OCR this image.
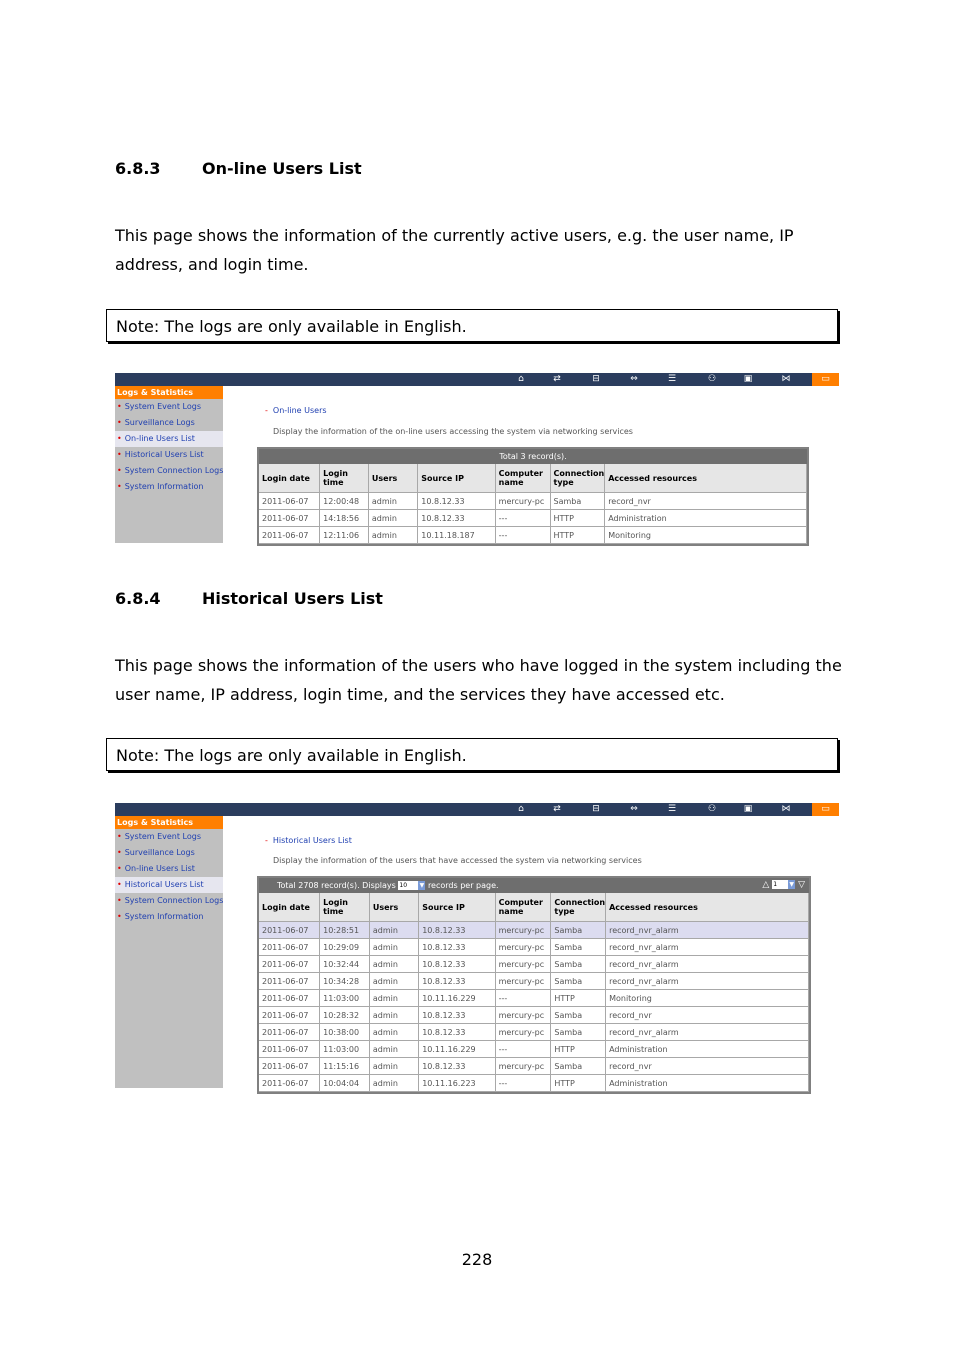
6.8.3	On-line Users List
This page shows the information of the currently active users, e.g. the user name, IP address, and login time.
Note: The logs are only available in English.
⌂	⇄	⊟	⇔	☰	⚇	▣	⋈	▭
Logs & Statistics
• System Event Logs
• Surveillance Logs
• On-line Users List
• Historical Users List
• System Connection Logs
• System Information
- On-line Users
Display the information of the on-line users accessing the system via networking services
Total 3 record(s).
Login date	Login time	Users	Source IP	Computer name	Connection type	Accessed resources
2011-06-07	12:00:48	admin	10.8.12.33	mercury-pc	Samba	record_nvr
2011-06-07	14:18:56	admin	10.8.12.33	---	HTTP	Administration
2011-06-07	12:11:06	admin	10.11.18.187	---	HTTP	Monitoring
6.8.4	Historical Users List
This page shows the information of the users who have logged in the system including the user name, IP address, login time, and the services they have accessed etc.
Note: The logs are only available in English.
⌂	⇄	⊟	⇔	☰	⚇	▣	⋈	▭
Logs & Statistics
• System Event Logs
• Surveillance Logs
• On-line Users List
• Historical Users List
• System Connection Logs
• System Information
- Historical Users List
Display the information of the users that have accessed the system via networking services
Total 2708 record(s). Displays 10 ▼ records per page.	△ 1 ▼ ▽
Login date	Login time	Users	Source IP	Computer name	Connection type	Accessed resources
2011-06-07	10:28:51	admin	10.8.12.33	mercury-pc	Samba	record_nvr_alarm
2011-06-07	10:29:09	admin	10.8.12.33	mercury-pc	Samba	record_nvr_alarm
2011-06-07	10:32:44	admin	10.8.12.33	mercury-pc	Samba	record_nvr_alarm
2011-06-07	10:34:28	admin	10.8.12.33	mercury-pc	Samba	record_nvr_alarm
2011-06-07	11:03:00	admin	10.11.16.229	---	HTTP	Monitoring
2011-06-07	10:28:32	admin	10.8.12.33	mercury-pc	Samba	record_nvr
2011-06-07	10:38:00	admin	10.8.12.33	mercury-pc	Samba	record_nvr_alarm
2011-06-07	11:03:00	admin	10.11.16.229	---	HTTP	Administration
2011-06-07	11:15:16	admin	10.8.12.33	mercury-pc	Samba	record_nvr
2011-06-07	10:04:04	admin	10.11.16.223	---	HTTP	Administration
228
